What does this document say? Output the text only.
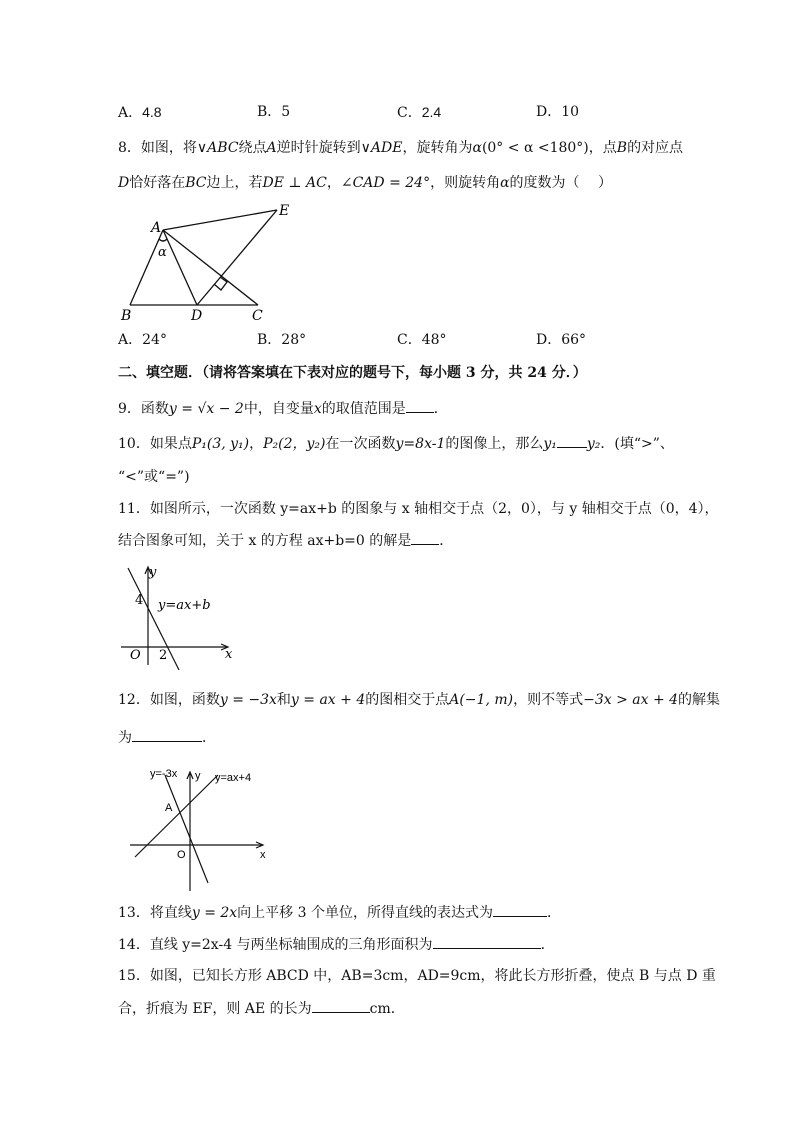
A．4.8	B．5	C．2.4	D．10
8．如图，将∨ABC绕点A逆时针旋转到∨ADE，旋转角为α(0° < α <180°)，点B的对应点
D恰好落在BC边上，若DE ⊥ AC，∠CAD = 24°，则旋转角α的度数为（　 ）
A
α
B	D	C
E
A．24°	B．28°	C．48°	D．66°
二、填空题．（请将答案填在下表对应的题号下，每小题 3 分，共 24 分．）
9．函数y = √x − 2中，自变量x的取值范围是 ．
10．如果点P₁(3, y₁)，P₂(2，y₂)在一次函数y=8x-1的图像上，那么y₁ y₂．(填“>”、
“<”或“=”)
11．如图所示，一次函数 y=ax+b 的图象与 x 轴相交于点（2，0），与 y 轴相交于点（0，4），
结合图象可知，关于 x 的方程 ax+b=0 的解是 ．
y
x
O
4
2
y=ax+b
12．如图，函数y = −3x和y = ax + 4的图相交于点A(−1, m)，则不等式−3x > ax + 4的解集
为	．
y=-3x y y=ax+4
A
O	x
13．将直线y = 2x向上平移 3 个单位，所得直线的表达式为	．
14．直线 y=2x-4 与两坐标轴围成的三角形面积为	．
15．如图，已知长方形 ABCD 中，AB=3cm，AD=9cm，将此长方形折叠，使点 B 与点 D 重
合，折痕为 EF，则 AE 的长为	cm．
